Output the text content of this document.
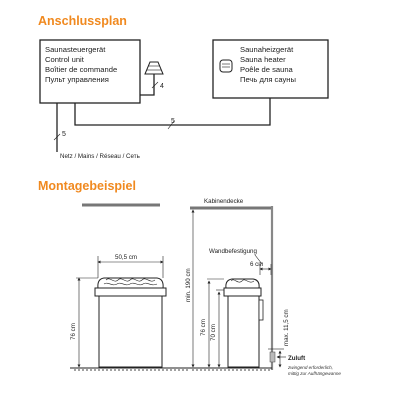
Anschlussplan
Montagebeispiel
Saunasteuergerät
Control unit
Boîtier de commande
Пульт управления
4
Saunaheizgerät
Sauna heater
Poêle de sauna
Печь для сауны
5
5
Netz / Mains / Réseau / Сеть
50,5 cm
76 cm
Kabinendecke
min. 190 cm
Wandbefestigung
6 cm
76 cm 70 cm	max. 11,5 cm
Zuluft
zwingend erforderlich,
mittig zur Aufhängewanne
